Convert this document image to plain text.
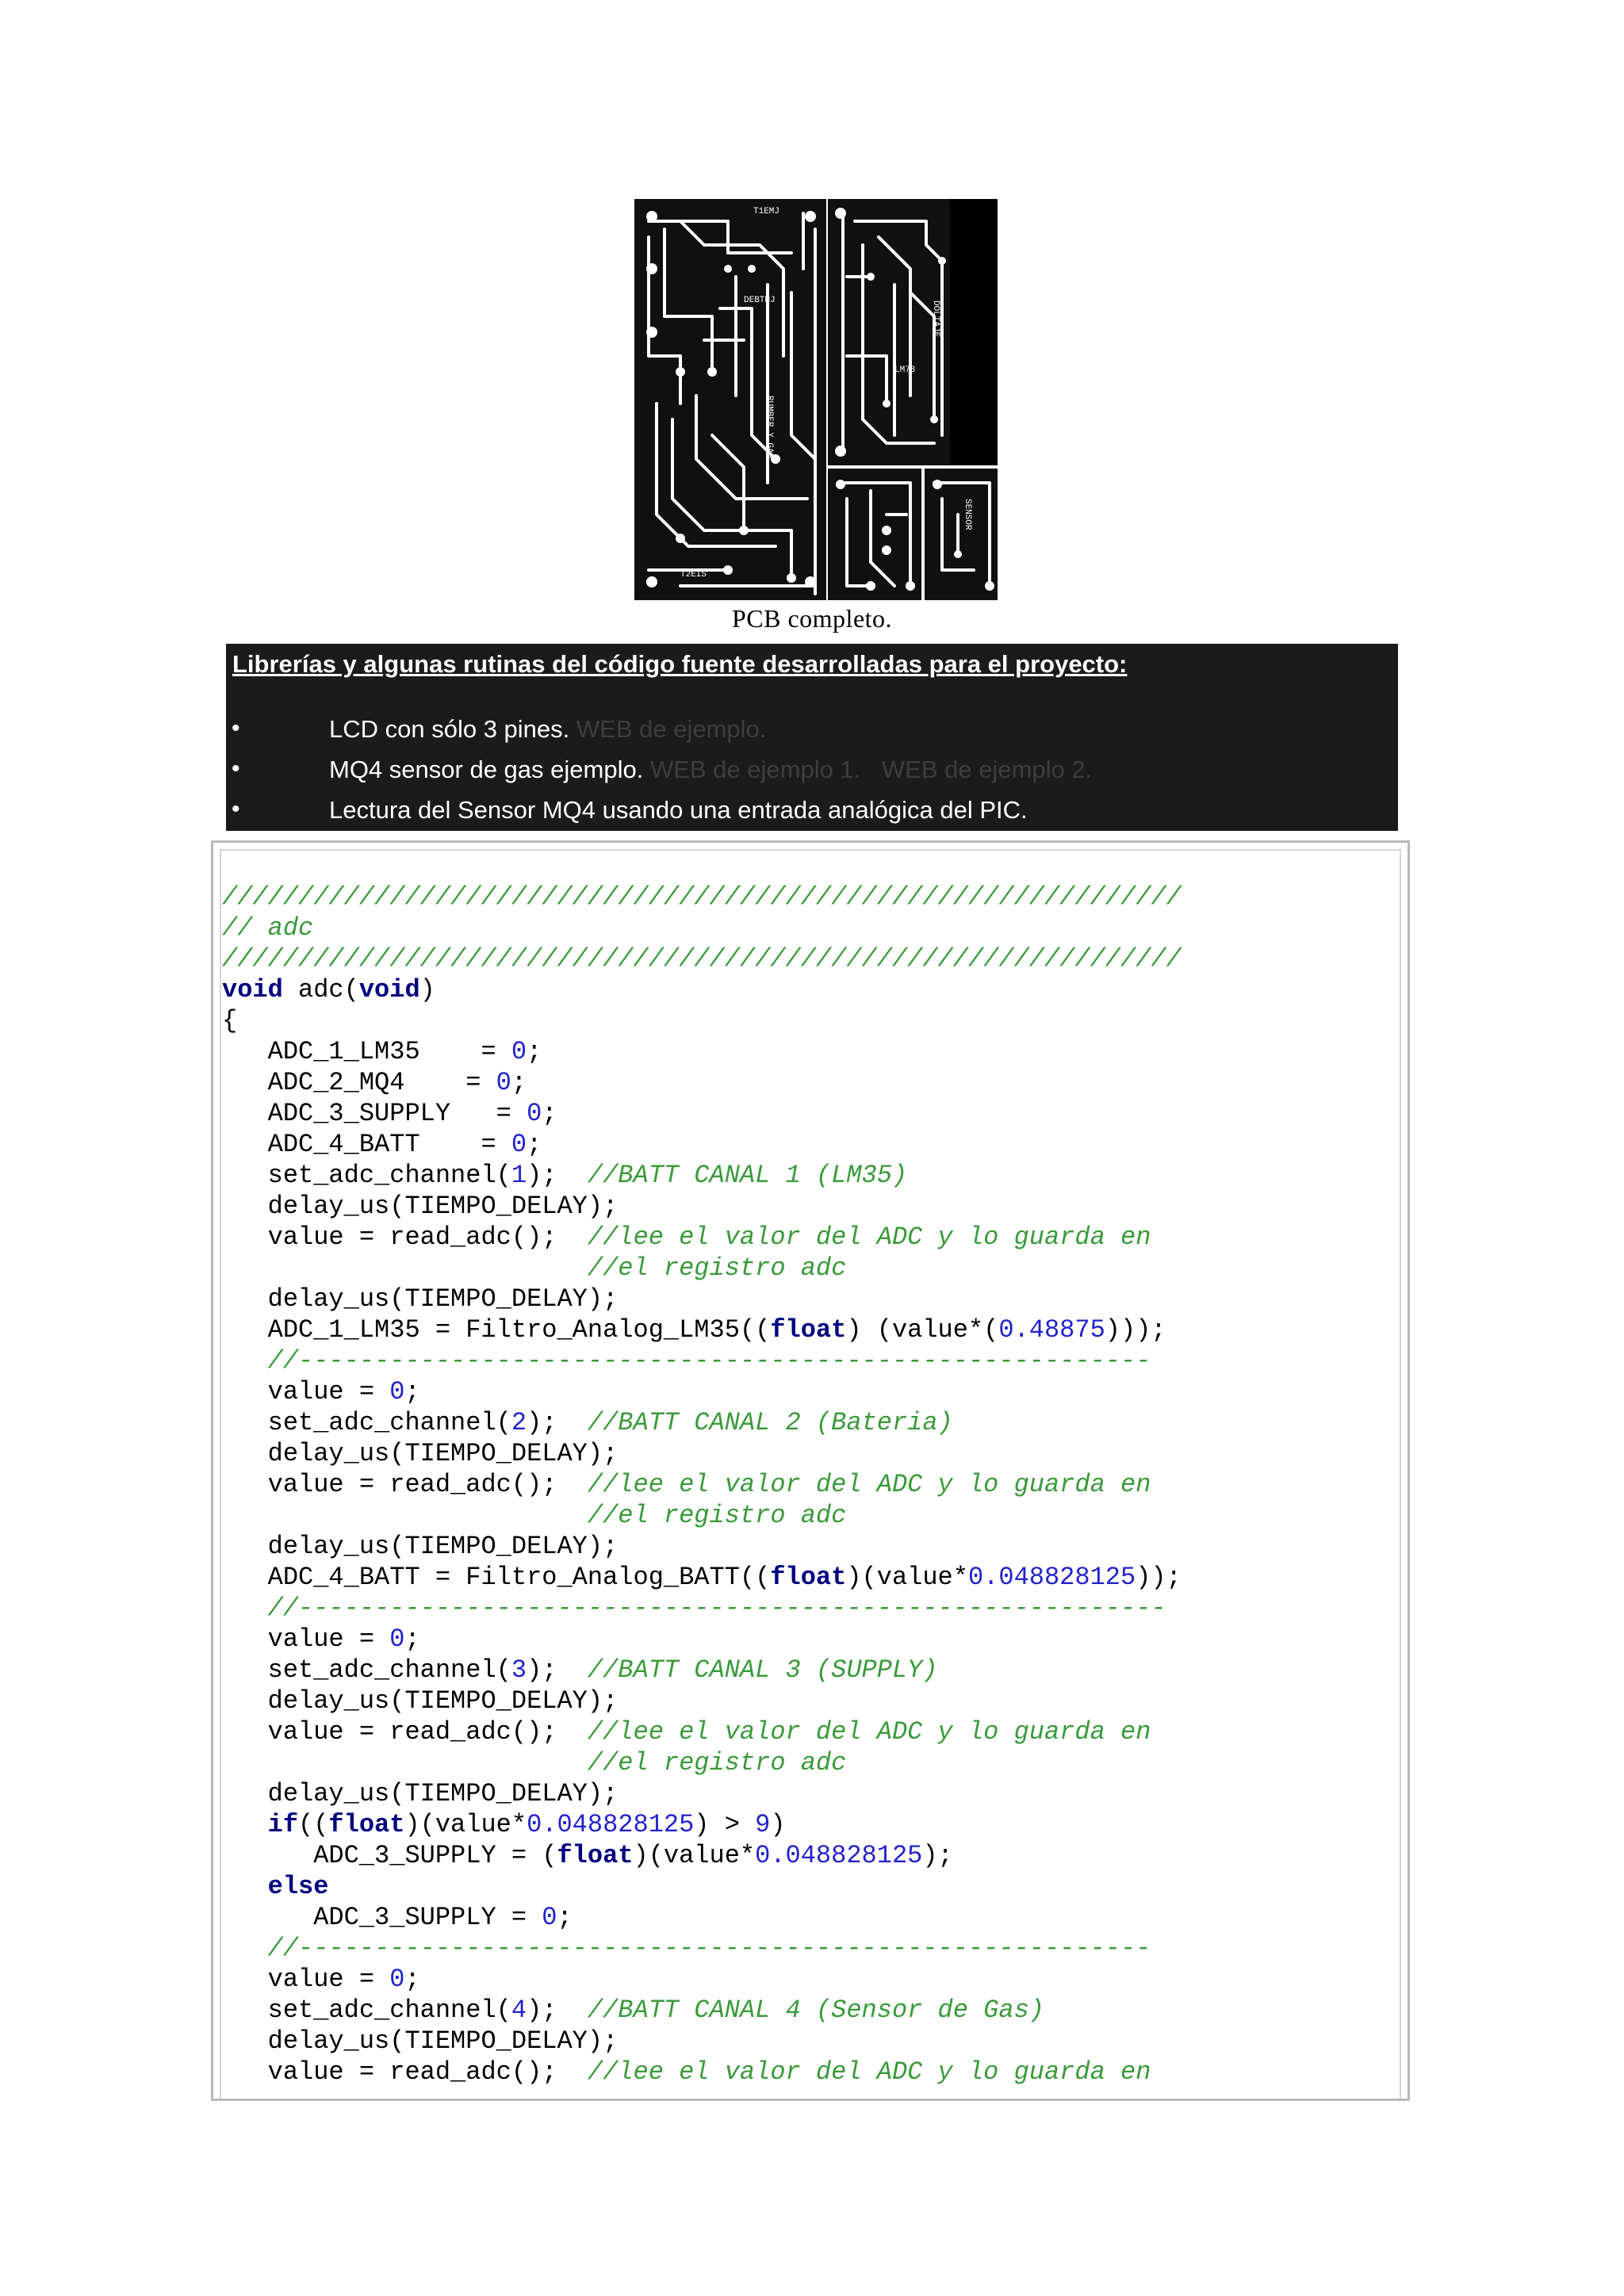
T1EMJ
DEBTMJ
RUMBER Y GAS
T2EIS
DOLTAJE
LM78
SENSOR
PCB completo.
Librerías y algunas rutinas del código fuente desarrolladas para el proyecto:
•	LCD con sólo 3 pines. WEB de ejemplo.
•	MQ4 sensor de gas ejemplo. WEB de ejemplo 1. WEB de ejemplo 2.
•	Lectura del Sensor MQ4 usando una entrada analógica del PIC.
///////////////////////////////////////////////////////////////
// adc
///////////////////////////////////////////////////////////////
void adc(void)
{
ADC_1_LM35    = 0;
ADC_2_MQ4    = 0;
ADC_3_SUPPLY   = 0;
ADC_4_BATT    = 0;
set_adc_channel(1);  //BATT CANAL 1 (LM35)
delay_us(TIEMPO_DELAY);
value = read_adc();  //lee el valor del ADC y lo guarda en
//el registro adc
delay_us(TIEMPO_DELAY);
ADC_1_LM35 = Filtro_Analog_LM35((float) (value*(0.48875)));
//--------------------------------------------------------
value = 0;
set_adc_channel(2);  //BATT CANAL 2 (Bateria)
delay_us(TIEMPO_DELAY);
value = read_adc();  //lee el valor del ADC y lo guarda en
//el registro adc
delay_us(TIEMPO_DELAY);
ADC_4_BATT = Filtro_Analog_BATT((float)(value*0.048828125));
//---------------------------------------------------------
value = 0;
set_adc_channel(3);  //BATT CANAL 3 (SUPPLY)
delay_us(TIEMPO_DELAY);
value = read_adc();  //lee el valor del ADC y lo guarda en
//el registro adc
delay_us(TIEMPO_DELAY);
if((float)(value*0.048828125) > 9)
ADC_3_SUPPLY = (float)(value*0.048828125);
else
ADC_3_SUPPLY = 0;
//--------------------------------------------------------
value = 0;
set_adc_channel(4);  //BATT CANAL 4 (Sensor de Gas)
delay_us(TIEMPO_DELAY);
value = read_adc();  //lee el valor del ADC y lo guarda en
